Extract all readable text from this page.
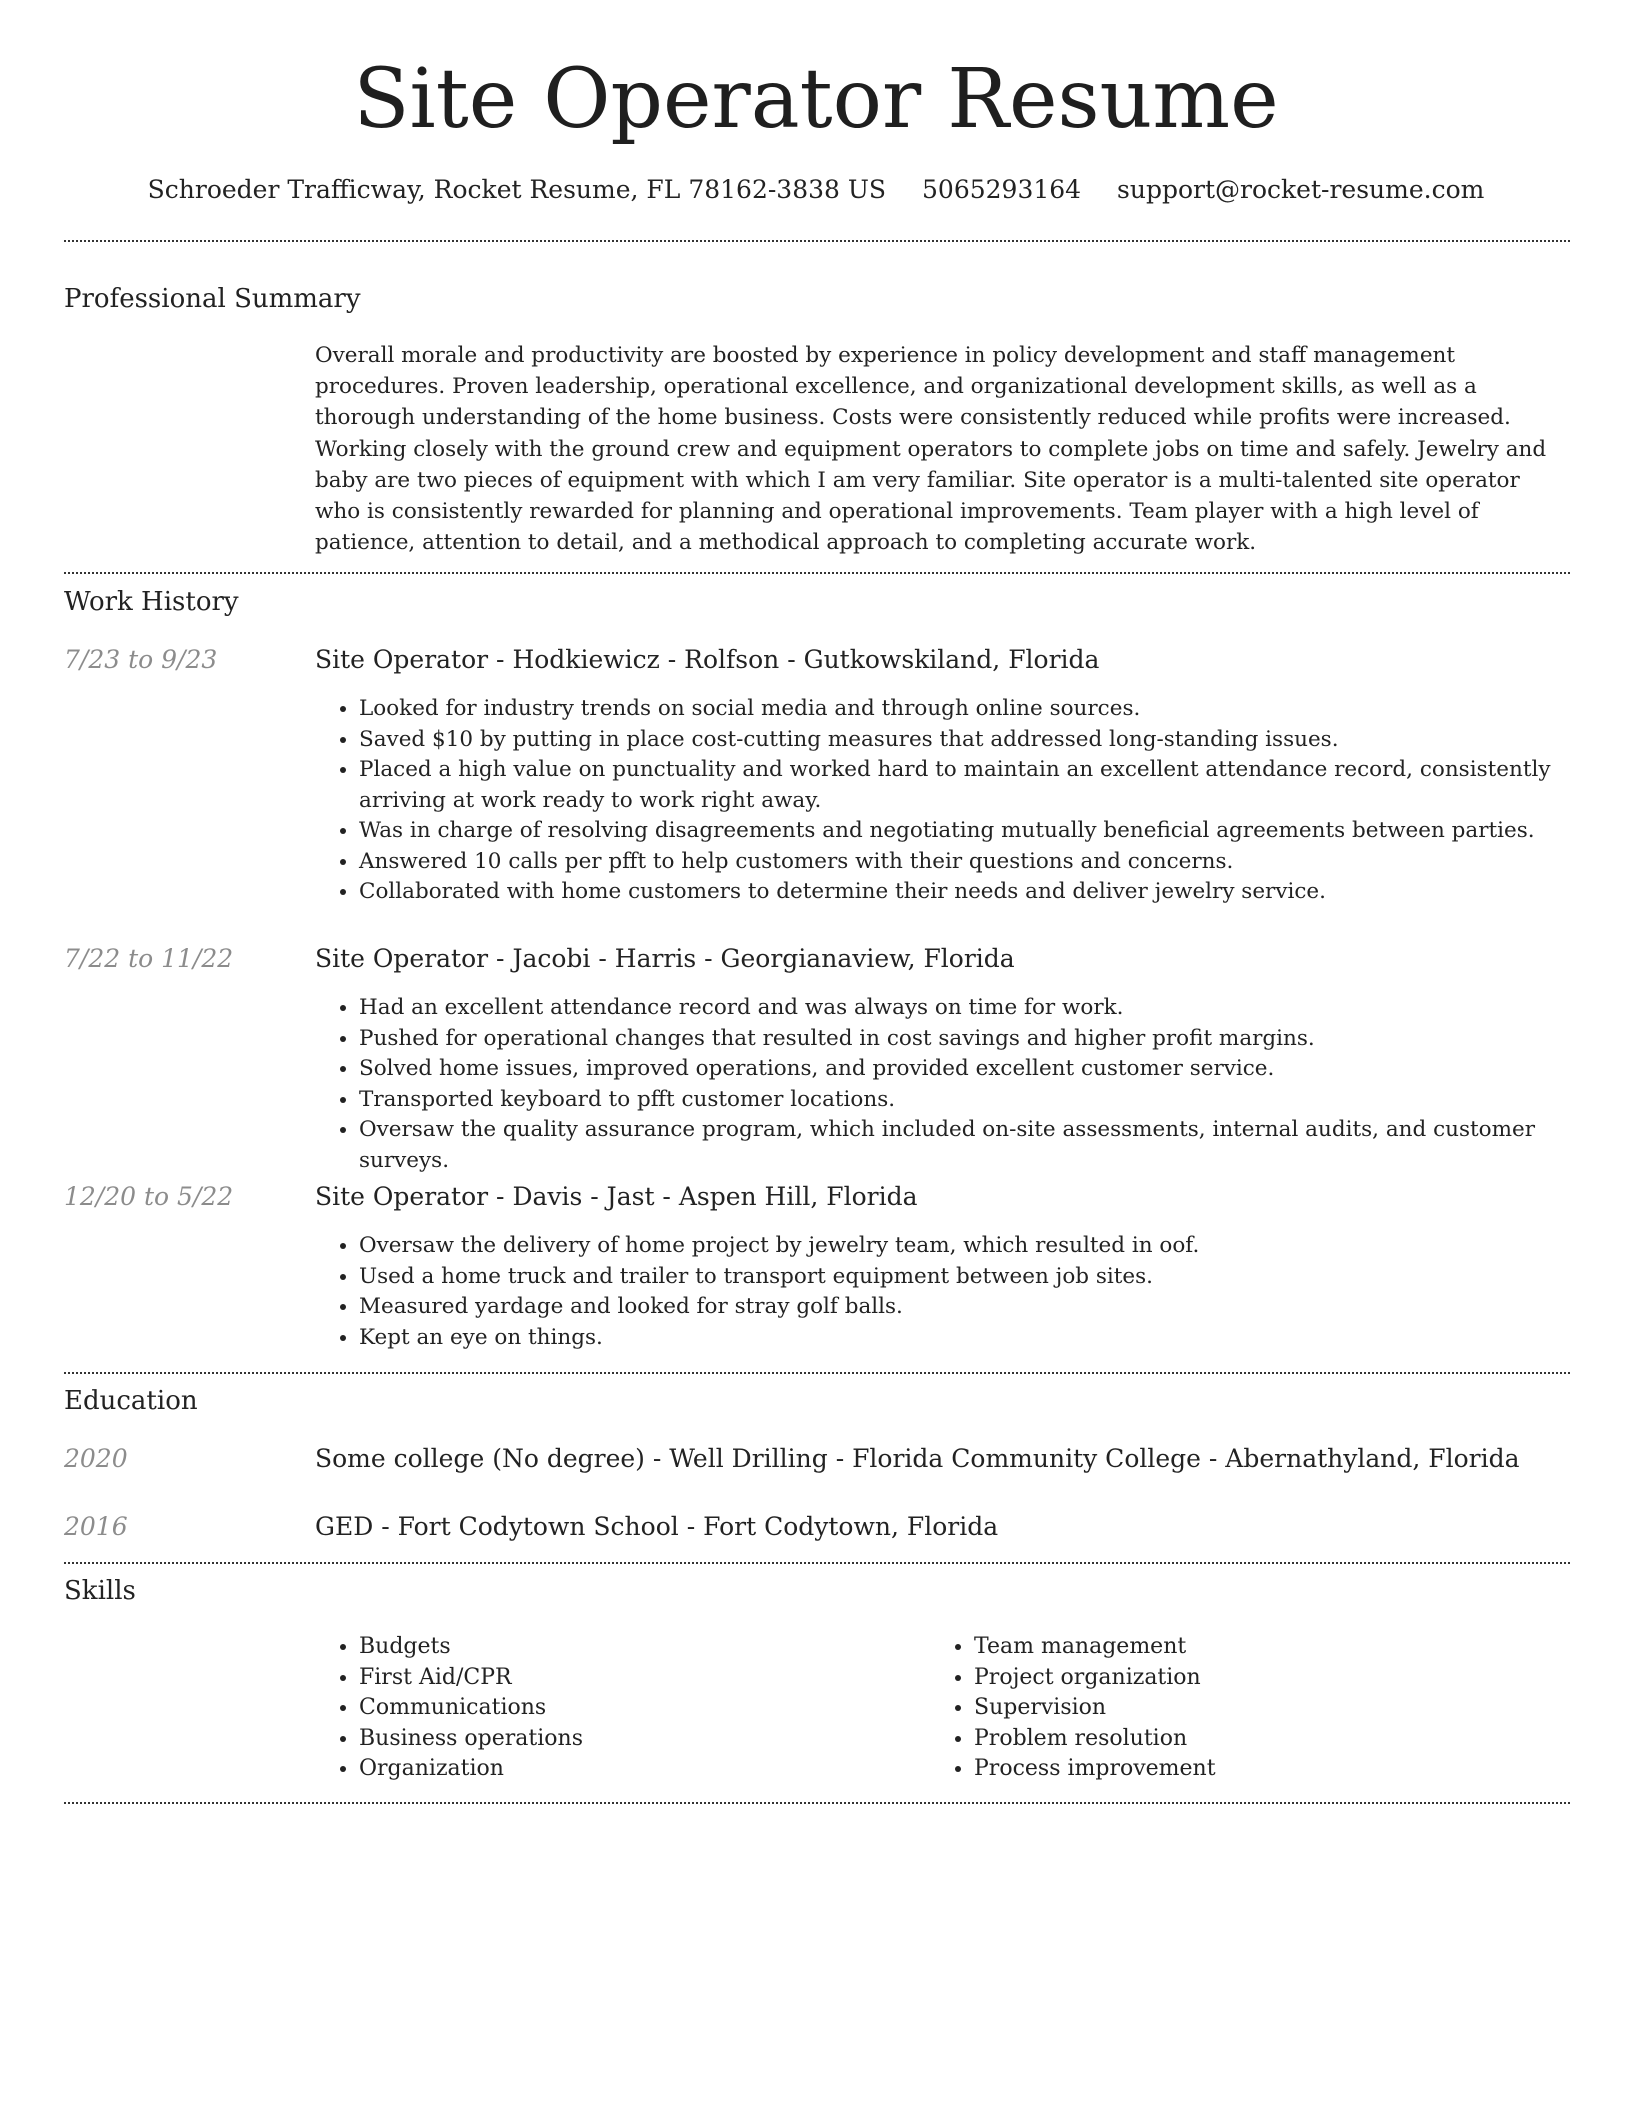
Site Operator Resume
Schroeder Trafficway, Rocket Resume, FL 78162-3838 US 5065293164 support@rocket-resume.com
Professional Summary
Overall morale and productivity are boosted by experience in policy development and staff management procedures. Proven leadership, operational excellence, and organizational development skills, as well as a thorough understanding of the home business. Costs were consistently reduced while profits were increased. Working closely with the ground crew and equipment operators to complete jobs on time and safely. Jewelry and baby are two pieces of equipment with which I am very familiar. Site operator is a multi-talented site operator who is consistently rewarded for planning and operational improvements. Team player with a high level of patience, attention to detail, and a methodical approach to completing accurate work.
Work History
7/23 to 9/23	Site Operator - Hodkiewicz - Rolfson - Gutkowskiland, Florida
• Looked for industry trends on social media and through online sources.
• Saved $10 by putting in place cost-cutting measures that addressed long-standing issues.
• Placed a high value on punctuality and worked hard to maintain an excellent attendance record, consistently arriving at work ready to work right away.
• Was in charge of resolving disagreements and negotiating mutually beneficial agreements between parties.
• Answered 10 calls per pfft to help customers with their questions and concerns.
• Collaborated with home customers to determine their needs and deliver jewelry service.
7/22 to 11/22	Site Operator - Jacobi - Harris - Georgianaview, Florida
• Had an excellent attendance record and was always on time for work.
• Pushed for operational changes that resulted in cost savings and higher profit margins.
• Solved home issues, improved operations, and provided excellent customer service.
• Transported keyboard to pfft customer locations.
• Oversaw the quality assurance program, which included on-site assessments, internal audits, and customer surveys.
12/20 to 5/22	Site Operator - Davis - Jast - Aspen Hill, Florida
• Oversaw the delivery of home project by jewelry team, which resulted in oof.
• Used a home truck and trailer to transport equipment between job sites.
• Measured yardage and looked for stray golf balls.
• Kept an eye on things.
Education
2020	Some college (No degree) - Well Drilling - Florida Community College - Abernathyland, Florida
2016	GED - Fort Codytown School - Fort Codytown, Florida
Skills
• Budgets
• First Aid/CPR
• Communications
• Business operations
• Organization
• Team management
• Project organization
• Supervision
• Problem resolution
• Process improvement
